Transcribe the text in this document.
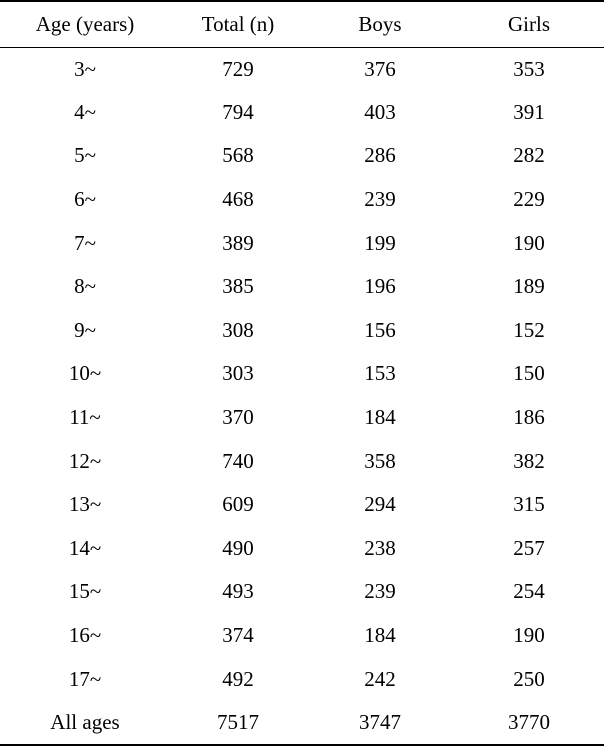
Age (years)	Total (n)	Boys	Girls
3~	729	376	353
4~	794	403	391
5~	568	286	282
6~	468	239	229
7~	389	199	190
8~	385	196	189
9~	308	156	152
10~	303	153	150
11~	370	184	186
12~	740	358	382
13~	609	294	315
14~	490	238	257
15~	493	239	254
16~	374	184	190
17~	492	242	250
All ages	7517	3747	3770
